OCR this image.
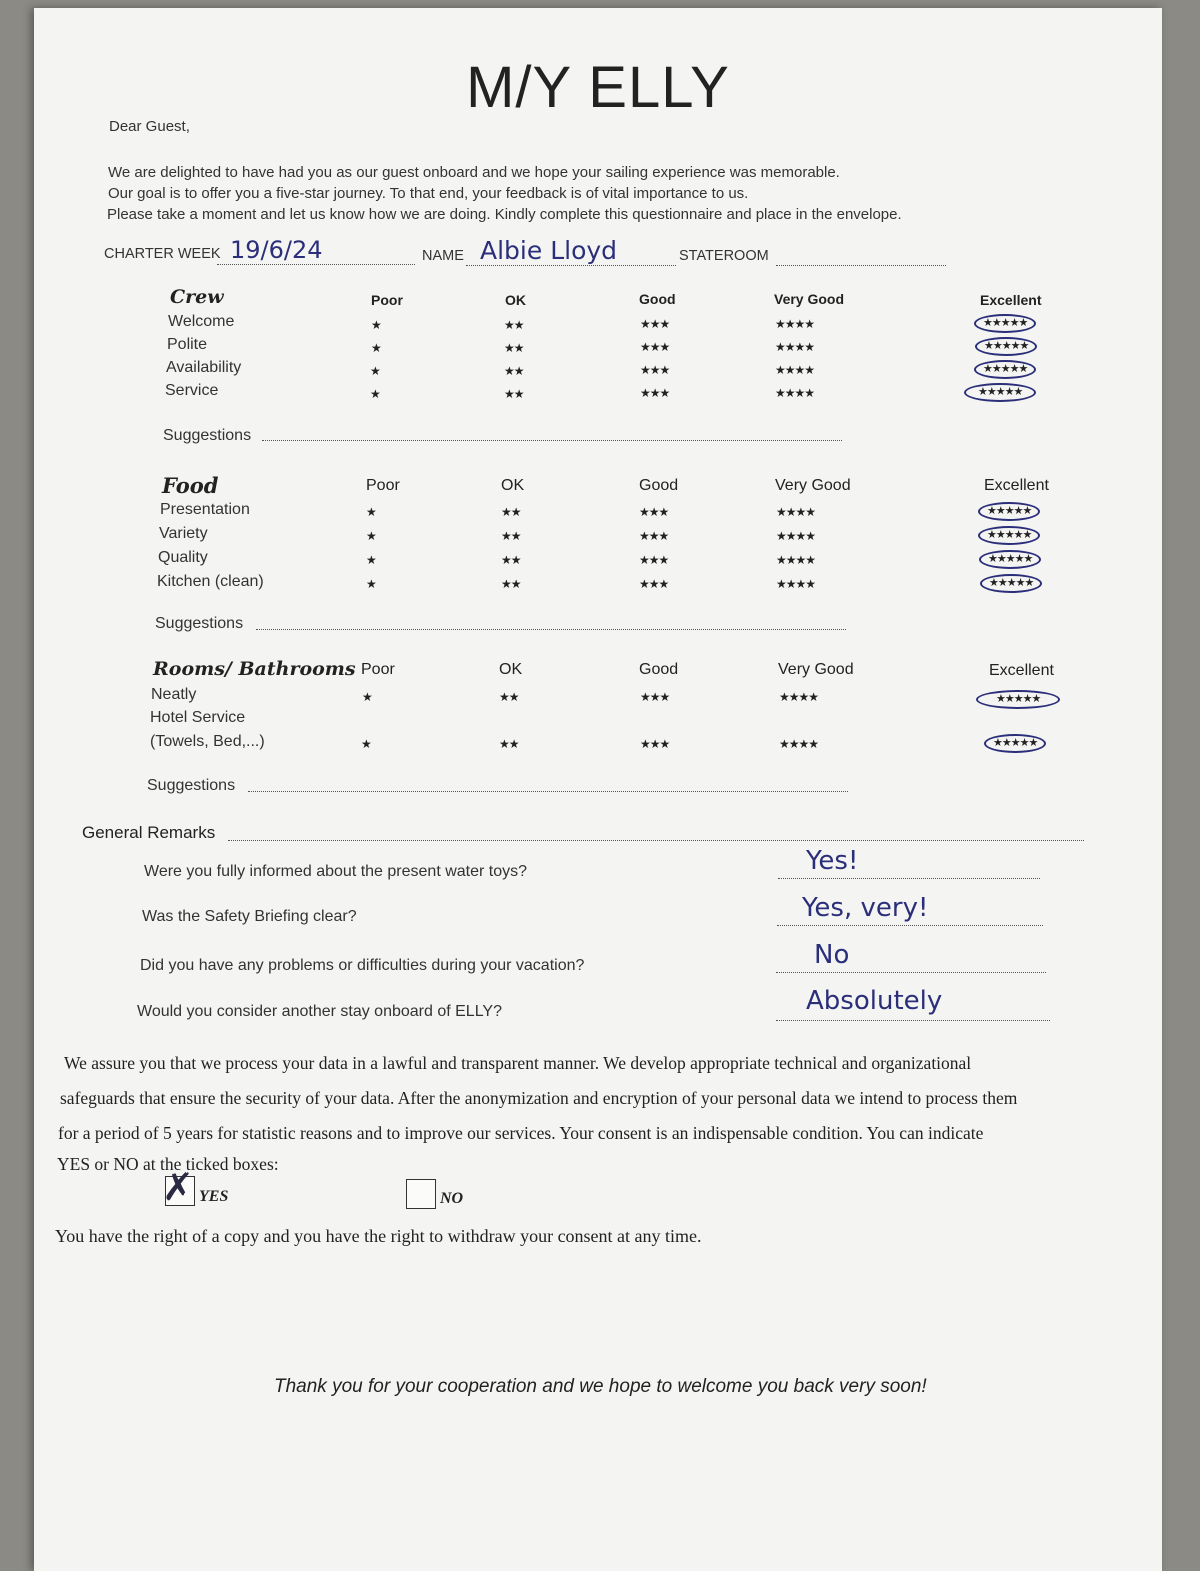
M/Y ELLY
Dear Guest,
We are delighted to have had you as our guest onboard and we hope your sailing experience was memorable.
Our goal is to offer you a five-star journey. To that end, your feedback is of vital importance to us.
Please take a moment and let us know how we are doing. Kindly complete this questionnaire and place in the envelope.
CHARTER WEEK 19/6/24	NAME Albie Lloyd	STATEROOM
Crew	Poor	OK	Good	Very Good	Excellent
Welcome	★	★★	★★★	★★★★	★★★★★
Polite	★	★★	★★★	★★★★	★★★★★
Availability	★	★★	★★★	★★★★	★★★★★
Service	★	★★	★★★	★★★★	★★★★★
Suggestions
Food	Poor	OK	Good	Very Good	Excellent
Presentation	★	★★	★★★	★★★★	★★★★★
Variety	★	★★	★★★	★★★★	★★★★★
Quality	★	★★	★★★	★★★★	★★★★★
Kitchen (clean)	★	★★	★★★	★★★★	★★★★★
Suggestions
Rooms/ Bathrooms Poor	OK	Good	Very Good	Excellent
Neatly	★	★★	★★★	★★★★	★★★★★
Hotel Service
(Towels, Bed,...)	★	★★	★★★	★★★★	★★★★★
Suggestions
General Remarks
Were you fully informed about the present water toys?	Yes!
Was the Safety Briefing clear?	Yes, very!
Did you have any problems or difficulties during your vacation?	No
Would you consider another stay onboard of ELLY?	Absolutely
We assure you that we process your data in a lawful and transparent manner. We develop appropriate technical and organizational
safeguards that ensure the security of your data. After the anonymization and encryption of your personal data we intend to process them
for a period of 5 years for statistic reasons and to improve our services. Your consent is an indispensable condition. You can indicate
YES or NO at the ticked boxes:
✗ YES	NO
You have the right of a copy and you have the right to withdraw your consent at any time.
Thank you for your cooperation and we hope to welcome you back very soon!
